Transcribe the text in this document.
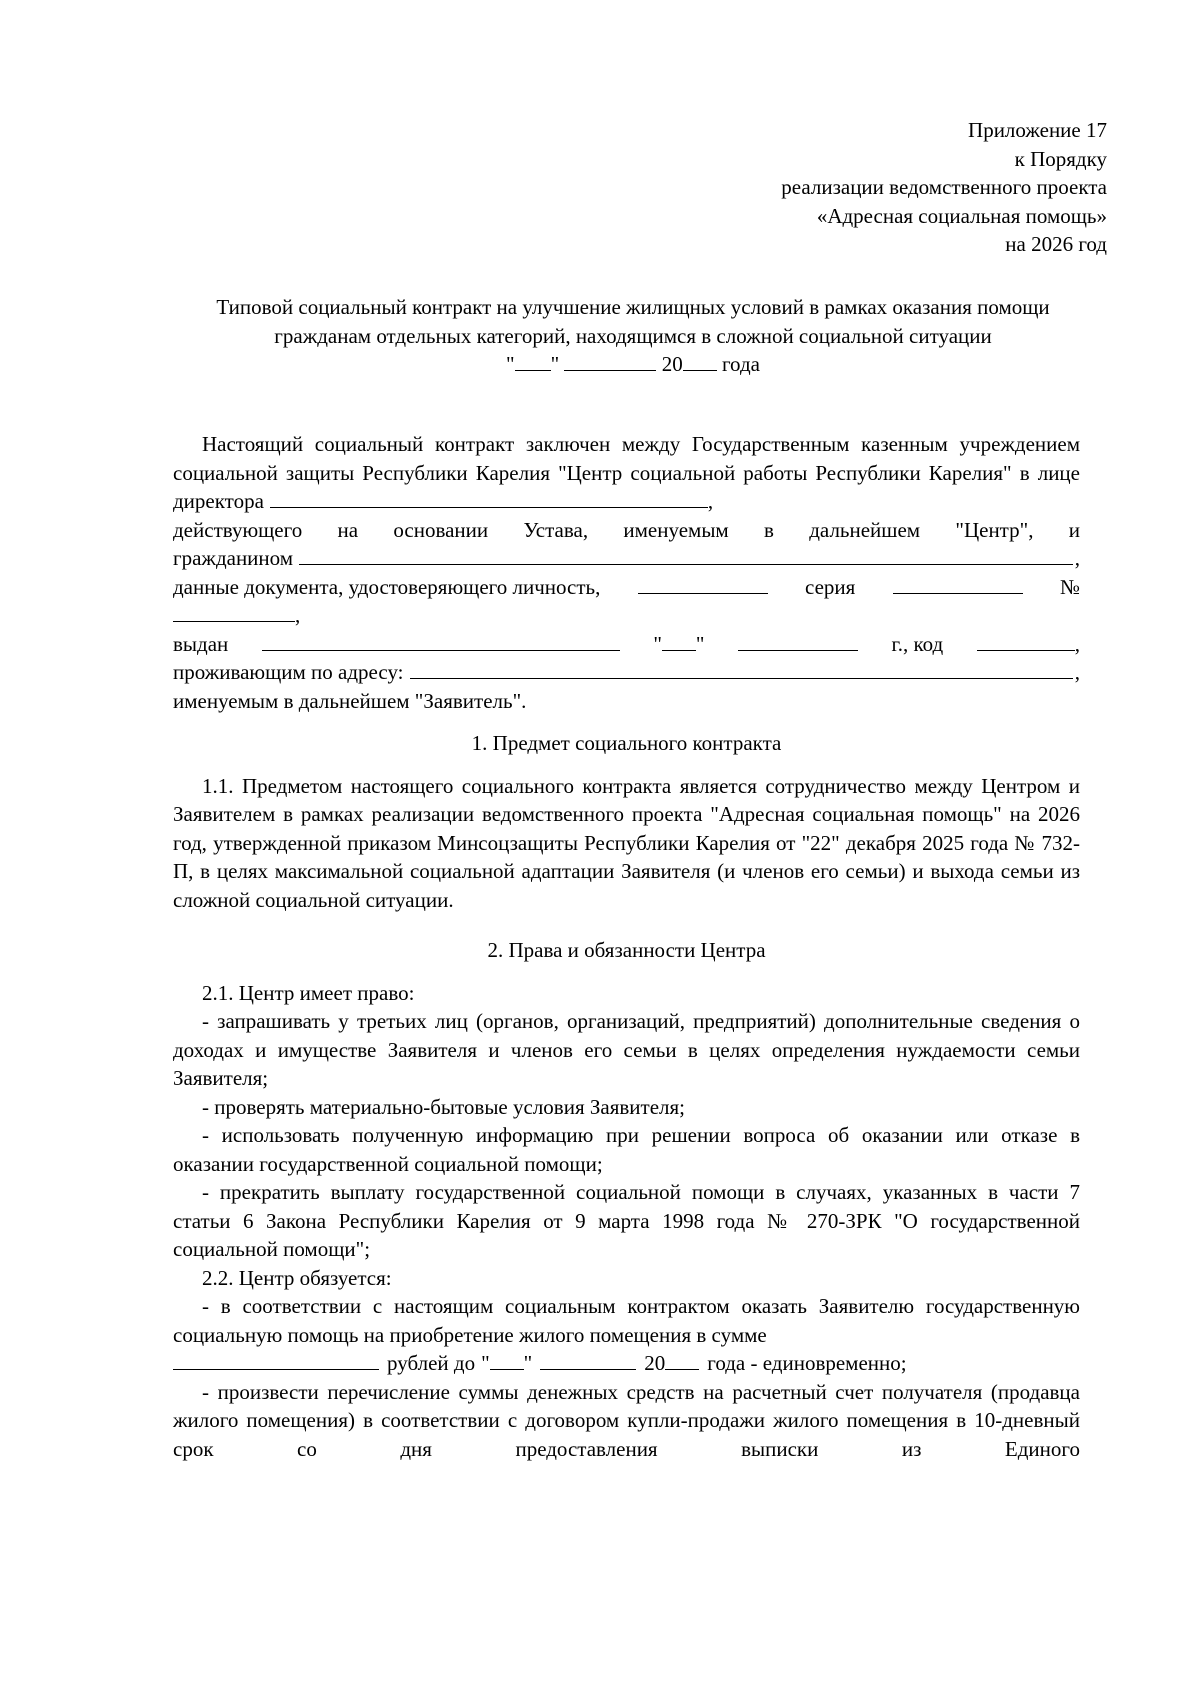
Приложение 17
к Порядку
реализации ведомственного проекта
«Адресная социальная помощь»
на 2026 год
Типовой социальный контракт на улучшение жилищных условий в рамках оказания помощи гражданам отдельных категорий, находящимся в сложной социальной ситуации
" "	20 года

Настоящий социальный контракт заключен между Государственным казенным учреждением социальной защиты Республики Карелия "Центр социальной работы Республики Карелия" в лице директора	,

действующего на основании Устава, именуемым в дальнейшем "Центр", и
гражданином	,
данные документа, удостоверяющего личность,	серия	№
,
выдан	" "	г., код	,
проживающим по адресу:	,

именуемым в дальнейшем "Заявитель".

1. Предмет социального контракта

1.1. Предметом настоящего социального контракта является сотрудничество между Центром и Заявителем в рамках реализации ведомственного проекта "Адресная социальная помощь" на 2026 год, утвержденной приказом Минсоцзащиты Республики Карелия от "22" декабря 2025 года № 732-П, в целях максимальной социальной адаптации Заявителя (и членов его семьи) и выхода семьи из сложной социальной ситуации.

2. Права и обязанности Центра

2.1. Центр имеет право:

- запрашивать у третьих лиц (органов, организаций, предприятий) дополнительные сведения о доходах и имуществе Заявителя и членов его семьи в целях определения нуждаемости семьи Заявителя;

- проверять материально-бытовые условия Заявителя;

- использовать полученную информацию при решении вопроса об оказании или отказе в оказании государственной социальной помощи;

- прекратить выплату государственной социальной помощи в случаях, указанных в части 7 статьи 6 Закона Республики Карелия от 9 марта 1998 года № 270-ЗРК "О государственной социальной помощи";

2.2. Центр обязуется:

- в соответствии с настоящим социальным контрактом оказать Заявителю государственную социальную помощь на приобретение жилого помещения в сумме

рублей до " "	20 года - единовременно;

- произвести перечисление суммы денежных средств на расчетный счет получателя (продавца жилого помещения) в соответствии с договором купли-продажи жилого помещения в 10-дневный срок со дня предоставления выписки из Единого
